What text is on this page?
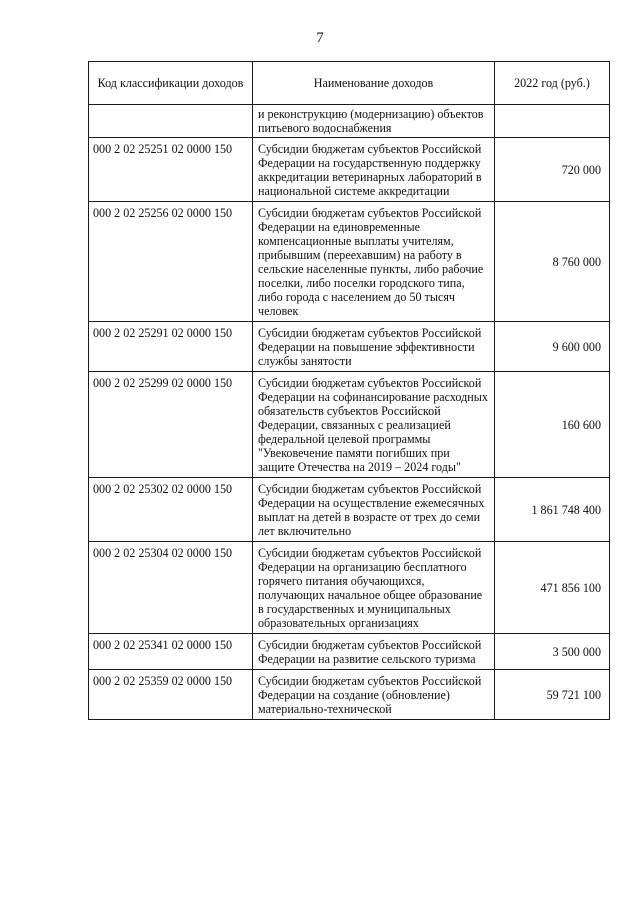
7
Код классификации доходов	Наименование доходов	2022 год (руб.)
	и реконструкцию (модернизацию) объектов питьевого водоснабжения	
000 2 02 25251 02 0000 150	Субсидии бюджетам субъектов Российской Федерации на государственную поддержку аккредитации ветеринарных лабораторий в национальной системе аккредитации	720 000
000 2 02 25256 02 0000 150	Субсидии бюджетам субъектов Российской Федерации на единовременные компенсационные выплаты учителям, прибывшим (переехавшим) на работу в сельские населенные пункты, либо рабочие поселки, либо поселки городского типа, либо города с населением до 50 тысяч человек	8 760 000
000 2 02 25291 02 0000 150	Субсидии бюджетам субъектов Российской Федерации на повышение эффективности службы занятости	9 600 000
000 2 02 25299 02 0000 150	Субсидии бюджетам субъектов Российской Федерации на софинансирование расходных обязательств субъектов Российской Федерации, связанных с реализацией федеральной целевой программы "Увековечение памяти погибших при защите Отечества на 2019 – 2024 годы"	160 600
000 2 02 25302 02 0000 150	Субсидии бюджетам субъектов Российской Федерации на осуществление ежемесячных выплат на детей в возрасте от трех до семи лет включительно	1 861 748 400
000 2 02 25304 02 0000 150	Субсидии бюджетам субъектов Российской Федерации на организацию бесплатного горячего питания обучающихся, получающих начальное общее образование в государственных и муниципальных образовательных организациях	471 856 100
000 2 02 25341 02 0000 150	Субсидии бюджетам субъектов Российской Федерации на развитие сельского туризма	3 500 000
000 2 02 25359 02 0000 150	Субсидии бюджетам субъектов Российской Федерации на создание (обновление) материально-технической	59 721 100
